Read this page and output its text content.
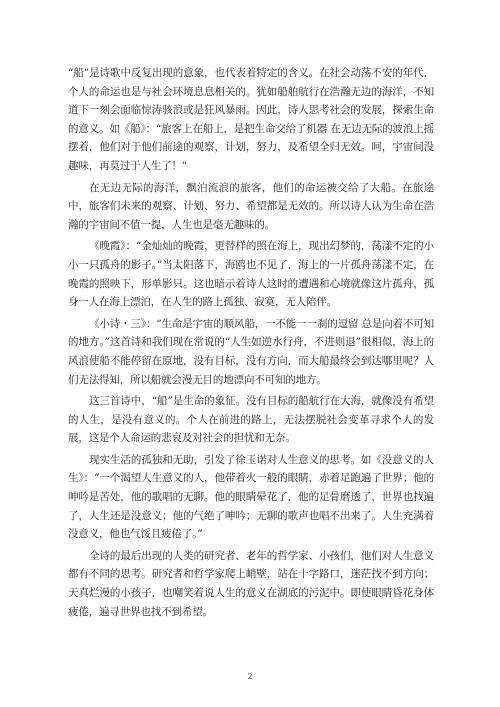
“船”是诗歌中反复出现的意象，也代表着特定的含义。在社会动荡不安的年代，个人的命运也是与社会环境息息相关的。犹如船舶航行在浩瀚无边的海洋，不知道下一刻会面临惊涛骇浪或是狂风暴雨。因此，诗人思考社会的发展，探索生命的意义。如《船》：“旅客上在船上，是把生命交给了机器 在无边无际的波浪上摇摆着，他们对于他们前途的观察，计划，努力，及希望全归无效。呵，宇宙间没趣味，再莫过于人生了！”

在无边无际的海洋，飘泊流浪的旅客，他们的命运被交给了大船。在旅途中，旅客们未来的观察、计划、努力、希望都是无效的。所以诗人认为生命在浩瀚的宇宙间不值一提，人生也是毫无趣味的。

《晚霞》：“金灿灿的晚霞，更替样的照在海上，现出幻梦的，荡漾不定的小小一只孤舟的影子。”当太阳落下，海鸥也不见了，海上的一片孤舟荡漾不定，在晚霞的照映下，形单影只。这也暗示着诗人这时的遭遇和心境就像这片孤舟，孤身一人在海上漂泊，在人生的路上孤独、寂寞，无人陪伴。

《小诗・三》：“生命是宇宙的顺风船，一不能一一刹的逗留 总是向着不可知的地方。”这首诗和我们现在常说的“人生如逆水行舟，不进则退”很相似，海上的风浪使船不能停留在原地，没有目标，没有方向，而大船最终会到达哪里呢？人们无法得知，所以船就会漫无目的地漂向不可知的地方。

这三首诗中，“船”是生命的象征。没有目标的船航行在大海，就像没有希望的人生，是没有意义的。个人在前进的路上，无法摆脱社会变革寻求个人的发展，这是个人命运的悲哀及对社会的担忧和无奈。

现实生活的孤独和无助，引发了徐玉诺对人生意义的思考。如《没意义的人生》：“一个渴望人生意义的人，他带着火一般的眼睛，赤着足跑遍了世界；他的呻吟是苦处，他的歌唱的无聊。他的眼睛晕花了，他的足骨磨透了，世界也找遍了，人生还是没意义；他的气绝了呻吟；无聊的歌声也唱不出来了。人生充满着没意义，他也气馁且疲倦了。”

全诗的最后出现的人类的研究者、老年的哲学家、小孩们，他们对人生意义都有不同的思考。研究者和哲学家爬上峭壁，站在十字路口，迷茫找不到方向；天真烂漫的小孩子，也嘲笑着说人生的意义在湖底的污泥中。即使眼睛昏花身体疲倦，遍寻世界也找不到希望。

2
